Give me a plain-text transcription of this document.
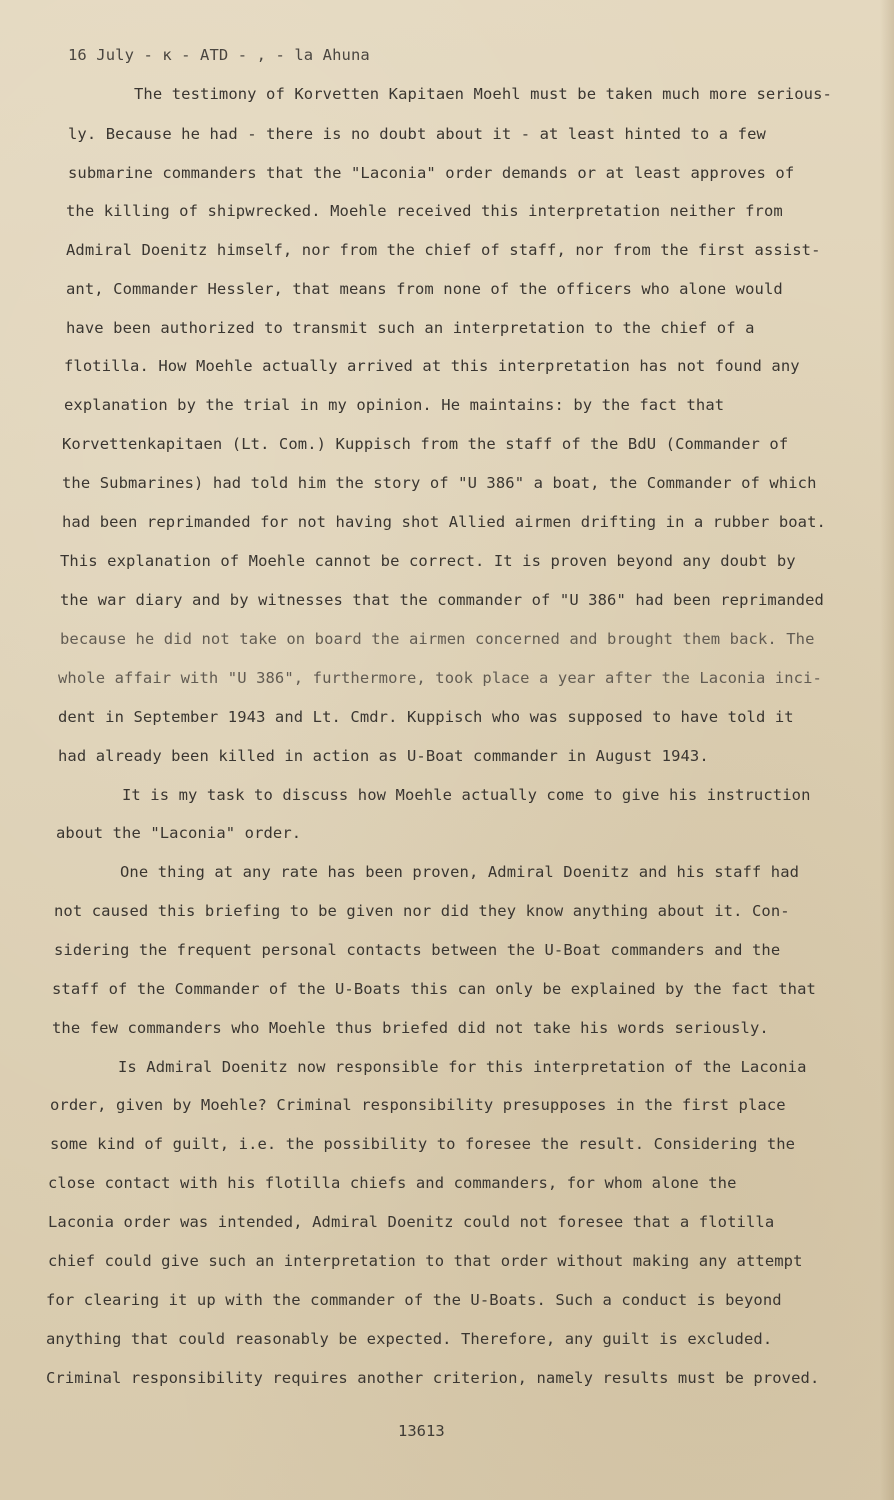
16 July - ĸ - ATD - , - la Ahuna

The testimony of Korvetten Kapitaen Moehl must be taken much more serious-

ly. Because he had - there is no doubt about it - at least hinted to a few

submarine commanders that the "Laconia" order demands or at least approves of

the killing of shipwrecked. Moehle received this interpretation neither from

Admiral Doenitz himself, nor from the chief of staff, nor from the first assist-

ant, Commander Hessler, that means from none of the officers who alone would

have been authorized to transmit such an interpretation to the chief of a

flotilla. How Moehle actually arrived at this interpretation has not found any

explanation by the trial in my opinion. He maintains: by the fact that

Korvettenkapitaen (Lt. Com.) Kuppisch from the staff of the BdU (Commander of

the Submarines) had told him the story of "U 386" a boat, the Commander of which

had been reprimanded for not having shot Allied airmen drifting in a rubber boat.

This explanation of Moehle cannot be correct. It is proven beyond any doubt by

the war diary and by witnesses that the commander of "U 386" had been reprimanded

because he did not take on board the airmen concerned and brought them back. The

whole affair with "U 386", furthermore, took place a year after the Laconia inci-

dent in September 1943 and Lt. Cmdr. Kuppisch who was supposed to have told it

had already been killed in action as U-Boat commander in August 1943.

It is my task to discuss how Moehle actually come to give his instruction

about the "Laconia" order.

One thing at any rate has been proven, Admiral Doenitz and his staff had

not caused this briefing to be given nor did they know anything about it. Con-

sidering the frequent personal contacts between the U-Boat commanders and the

staff of the Commander of the U-Boats this can only be explained by the fact that

the few commanders who Moehle thus briefed did not take his words seriously.

Is Admiral Doenitz now responsible for this interpretation of the Laconia

order, given by Moehle? Criminal responsibility presupposes in the first place

some kind of guilt, i.e. the possibility to foresee the result. Considering the

close contact with his flotilla chiefs and commanders, for whom alone the

Laconia order was intended, Admiral Doenitz could not foresee that a flotilla

chief could give such an interpretation to that order without making any attempt

for clearing it up with the commander of the U-Boats. Such a conduct is beyond

anything that could reasonably be expected. Therefore, any guilt is excluded.

Criminal responsibility requires another criterion, namely results must be proved.

13613
